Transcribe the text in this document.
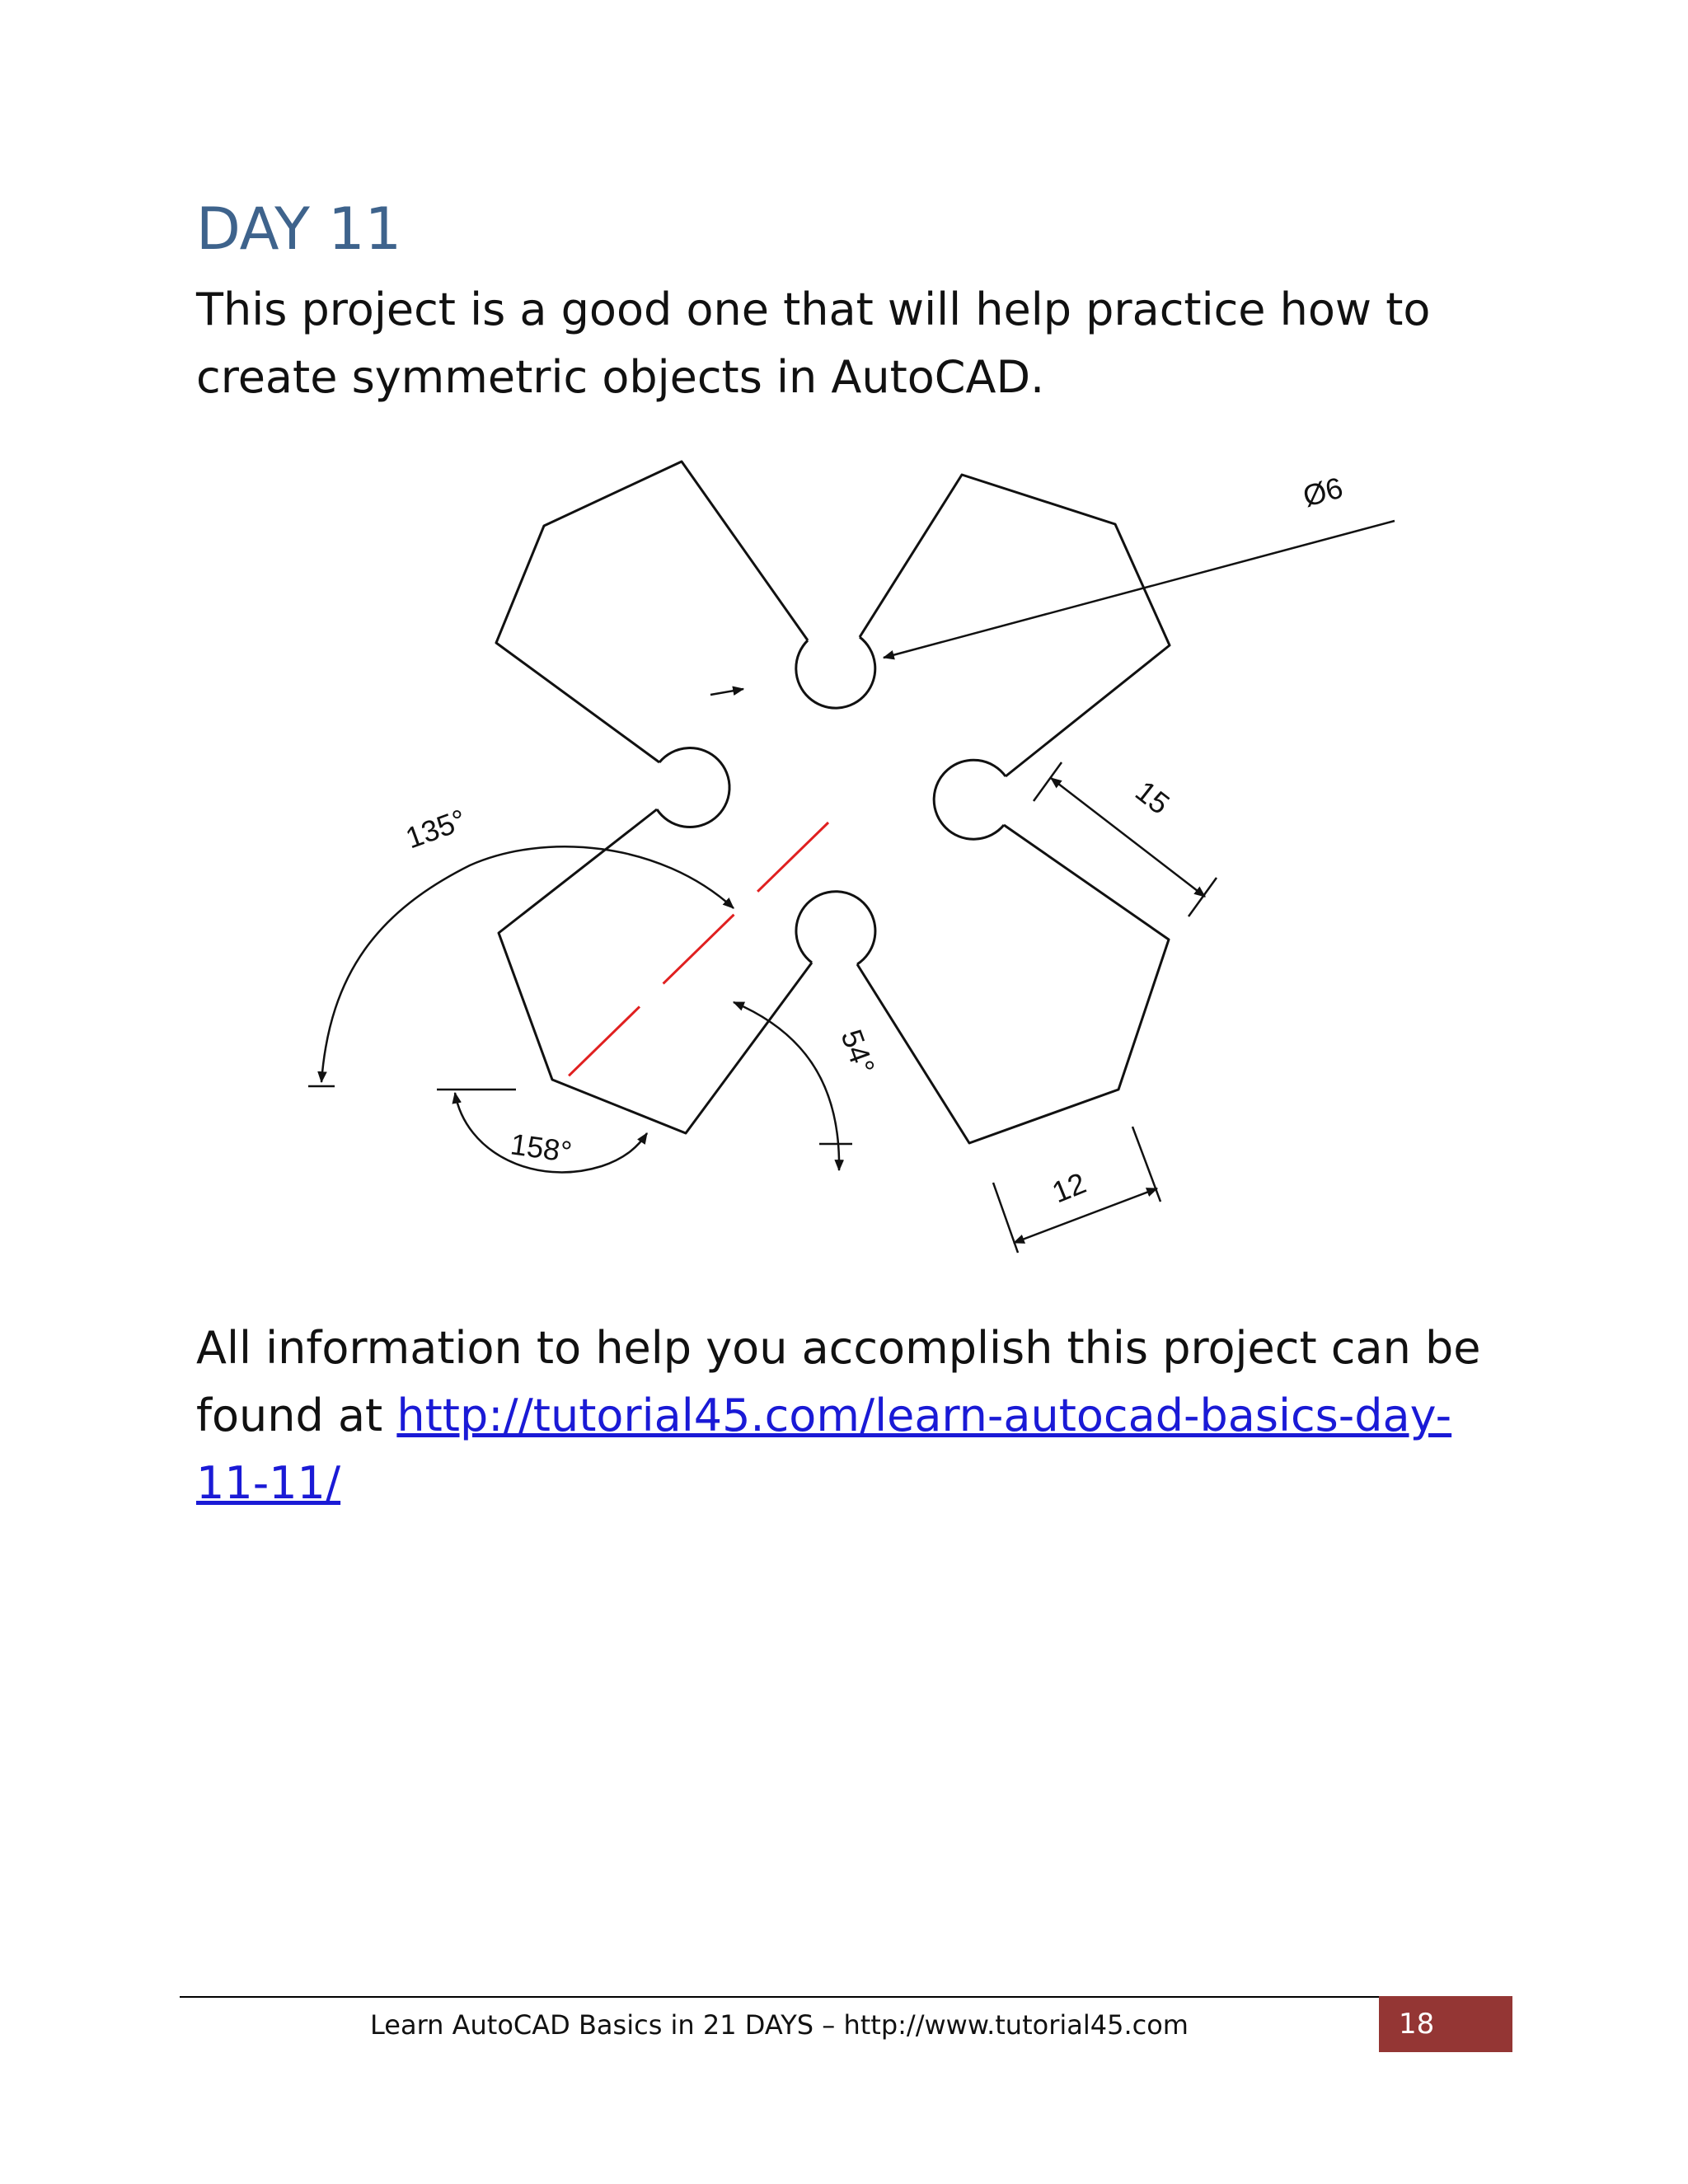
DAY 11

This project is a good one that will help practice how to create symmetric objects in AutoCAD.

Ø6
135°
15
158°
54°
12

All information to help you accomplish this project can be found at http://tutorial45.com/learn-autocad-basics-day-11-11/

Learn AutoCAD Basics in 21 DAYS – http://www.tutorial45.com	18
